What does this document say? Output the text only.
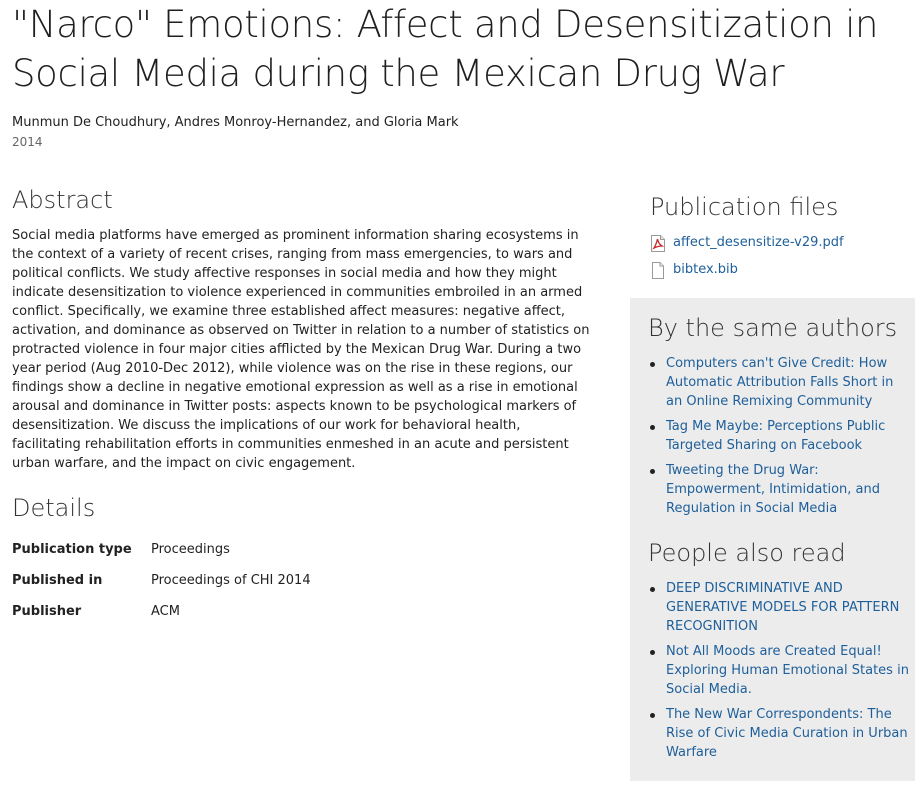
"Narco" Emotions: Affect and Desensitization in Social Media during the Mexican Drug War
Munmun De Choudhury, Andres Monroy-Hernandez, and Gloria Mark
2014
Abstract

Social media platforms have emerged as prominent information sharing ecosystems in the context of a variety of recent crises, ranging from mass emergencies, to wars and political conflicts. We study affective responses in social media and how they might indicate desensitization to violence experienced in communities embroiled in an armed conflict. Specifically, we examine three established affect measures: negative affect, activation, and dominance as observed on Twitter in relation to a number of statistics on protracted violence in four major cities afflicted by the Mexican Drug War. During a two year period (Aug 2010-Dec 2012), while violence was on the rise in these regions, our findings show a decline in negative emotional expression as well as a rise in emotional arousal and dominance in Twitter posts: aspects known to be psychological markers of desensitization. We discuss the implications of our work for behavioral health, facilitating rehabilitation efforts in communities enmeshed in an acute and persistent urban warfare, and the impact on civic engagement.

Details
Publication type	Proceedings
Published in	Proceedings of CHI 2014
Publisher	ACM
Publication files
affect_desensitize-v29.pdf
bibtex.bib
By the same authors
Computers can't Give Credit: How Automatic Attribution Falls Short in an Online Remixing Community
Tag Me Maybe: Perceptions Public Targeted Sharing on Facebook
Tweeting the Drug War: Empowerment, Intimidation, and Regulation in Social Media
People also read
DEEP DISCRIMINATIVE AND GENERATIVE MODELS FOR PATTERN RECOGNITION
Not All Moods are Created Equal! Exploring Human Emotional States in Social Media.
The New War Correspondents: The Rise of Civic Media Curation in Urban Warfare
